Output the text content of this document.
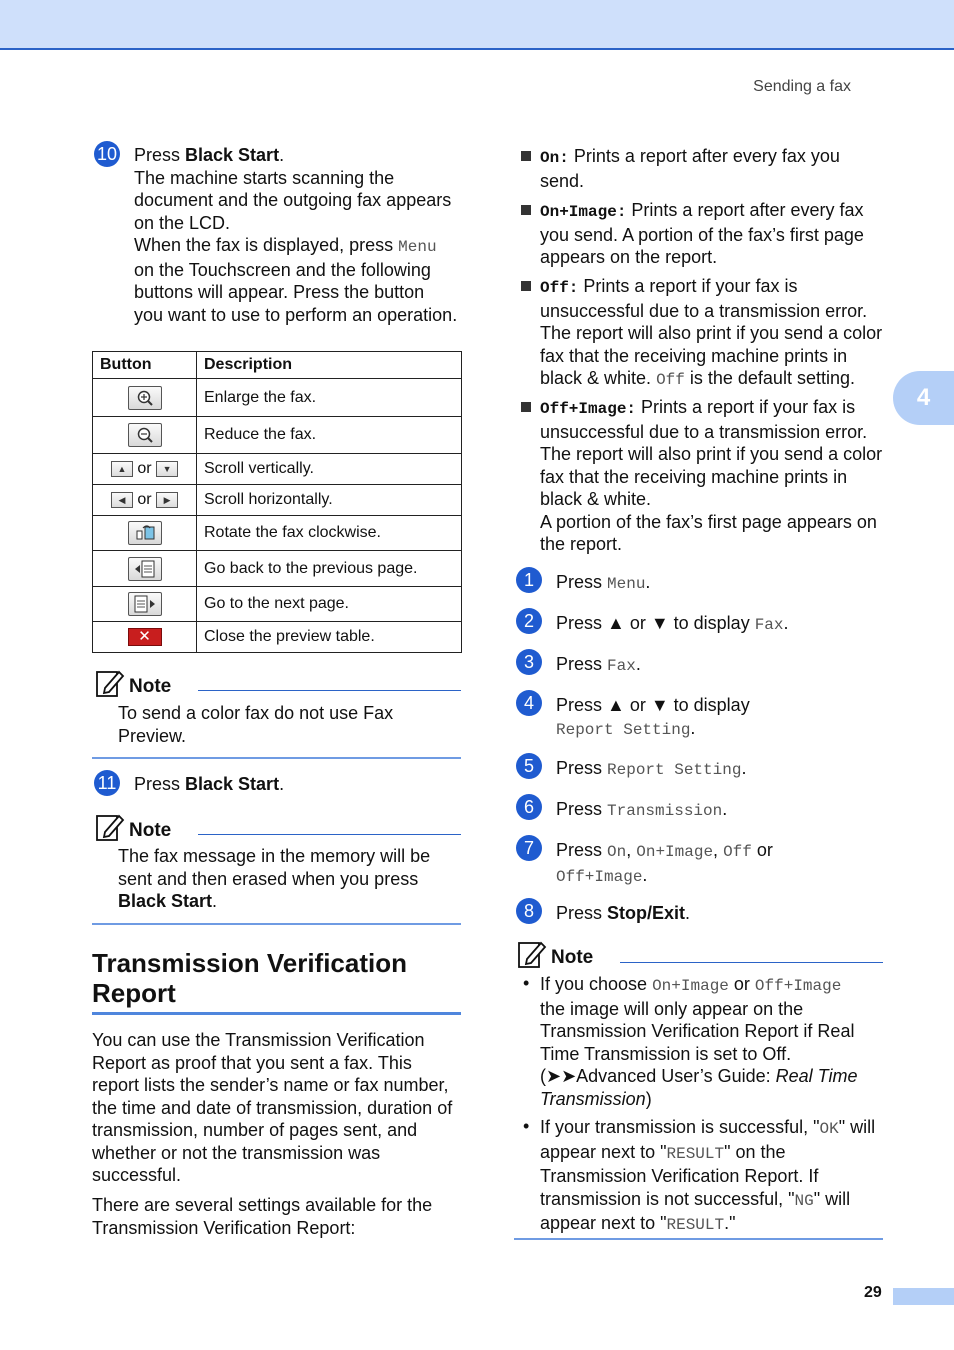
Sending a fax
4
29
10 Press Black Start.
The machine starts scanning the
document and the outgoing fax appears
on the LCD.
When the fax is displayed, press Menu
on the Touchscreen and the following
buttons will appear. Press the button
you want to use to perform an operation.
Button	Description
	Enlarge the fax.
	Reduce the fax.
▲ or ▼	Scroll vertically.
◀ or ▶	Scroll horizontally.
	Rotate the fax clockwise.
	Go back to the previous page.
	Go to the next page.
✕	Close the preview table.
Note
To send a color fax do not use Fax
Preview.
11 Press Black Start.
Note
The fax message in the memory will be
sent and then erased when you press
Black Start.
Transmission Verification
Report
You can use the Transmission Verification
Report as proof that you sent a fax. This
report lists the sender’s name or fax number,
the time and date of transmission, duration of
transmission, number of pages sent, and
whether or not the transmission was
successful.
There are several settings available for the
Transmission Verification Report:
On: Prints a report after every fax you
send.
On+Image: Prints a report after every fax
you send. A portion of the fax’s first page
appears on the report.
Off: Prints a report if your fax is
unsuccessful due to a transmission error.
The report will also print if you send a color
fax that the receiving machine prints in
black & white. Off is the default setting.
Off+Image: Prints a report if your fax is
unsuccessful due to a transmission error.
The report will also print if you send a color
fax that the receiving machine prints in
black & white.
A portion of the fax’s first page appears on
the report.
1	Press Menu.
2	Press ▲ or ▼ to display Fax.
3	Press Fax.
4	Press ▲ or ▼ to display
Report Setting.
5	Press Report Setting.
6	Press Transmission.
7	Press On, On+Image, Off or
Off+Image.
8	Press Stop/Exit.
Note
• If you choose On+Image or Off+Image
the image will only appear on the
Transmission Verification Report if Real
Time Transmission is set to Off.
(➤➤Advanced User’s Guide: Real Time
Transmission)
• If your transmission is successful, "OK" will
appear next to "RESULT" on the
Transmission Verification Report. If
transmission is not successful, "NG" will
appear next to "RESULT."
